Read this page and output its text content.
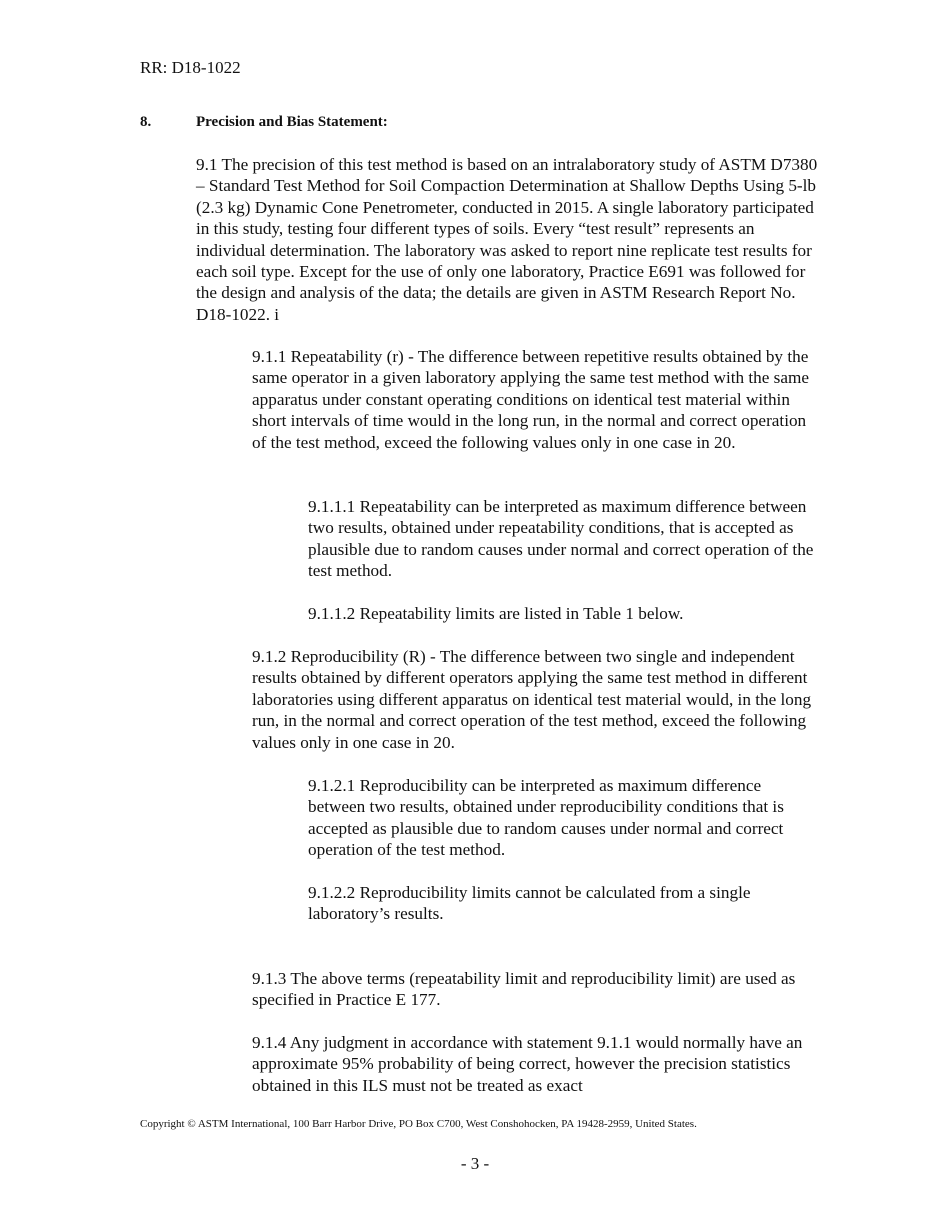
RR: D18-1022
8.	Precision and Bias Statement:

9.1 The precision of this test method is based on an intralaboratory study of ASTM D7380 – Standard Test Method for Soil Compaction Determination at Shallow Depths Using 5-lb (2.3 kg) Dynamic Cone Penetrometer, conducted in 2015. A single laboratory participated in this study, testing four different types of soils. Every “test result” represents an individual determination. The laboratory was asked to report nine replicate test results for each soil type. Except for the use of only one laboratory, Practice E691 was followed for the design and analysis of the data; the details are given in ASTM Research Report No. D18-1022. i

9.1.1 Repeatability (r) - The difference between repetitive results obtained by the same operator in a given laboratory applying the same test method with the same apparatus under constant operating conditions on identical test material within short intervals of time would in the long run, in the normal and correct operation of the test method, exceed the following values only in one case in 20.

9.1.1.1 Repeatability can be interpreted as maximum difference between two results, obtained under repeatability conditions, that is accepted as plausible due to random causes under normal and correct operation of the test method.

9.1.1.2 Repeatability limits are listed in Table 1 below.

9.1.2 Reproducibility (R) - The difference between two single and independent results obtained by different operators applying the same test method in different laboratories using different apparatus on identical test material would, in the long run, in the normal and correct operation of the test method, exceed the following values only in one case in 20.

9.1.2.1 Reproducibility can be interpreted as maximum difference between two results, obtained under reproducibility conditions that is accepted as plausible due to random causes under normal and correct operation of the test method.

9.1.2.2 Reproducibility limits cannot be calculated from a single laboratory’s results.

9.1.3 The above terms (repeatability limit and reproducibility limit) are used as specified in Practice E 177.

9.1.4 Any judgment in accordance with statement 9.1.1 would normally have an approximate 95% probability of being correct, however the precision statistics obtained in this ILS must not be treated as exact

Copyright © ASTM International, 100 Barr Harbor Drive, PO Box C700, West Conshohocken, PA 19428-2959, United States.
- 3 -
